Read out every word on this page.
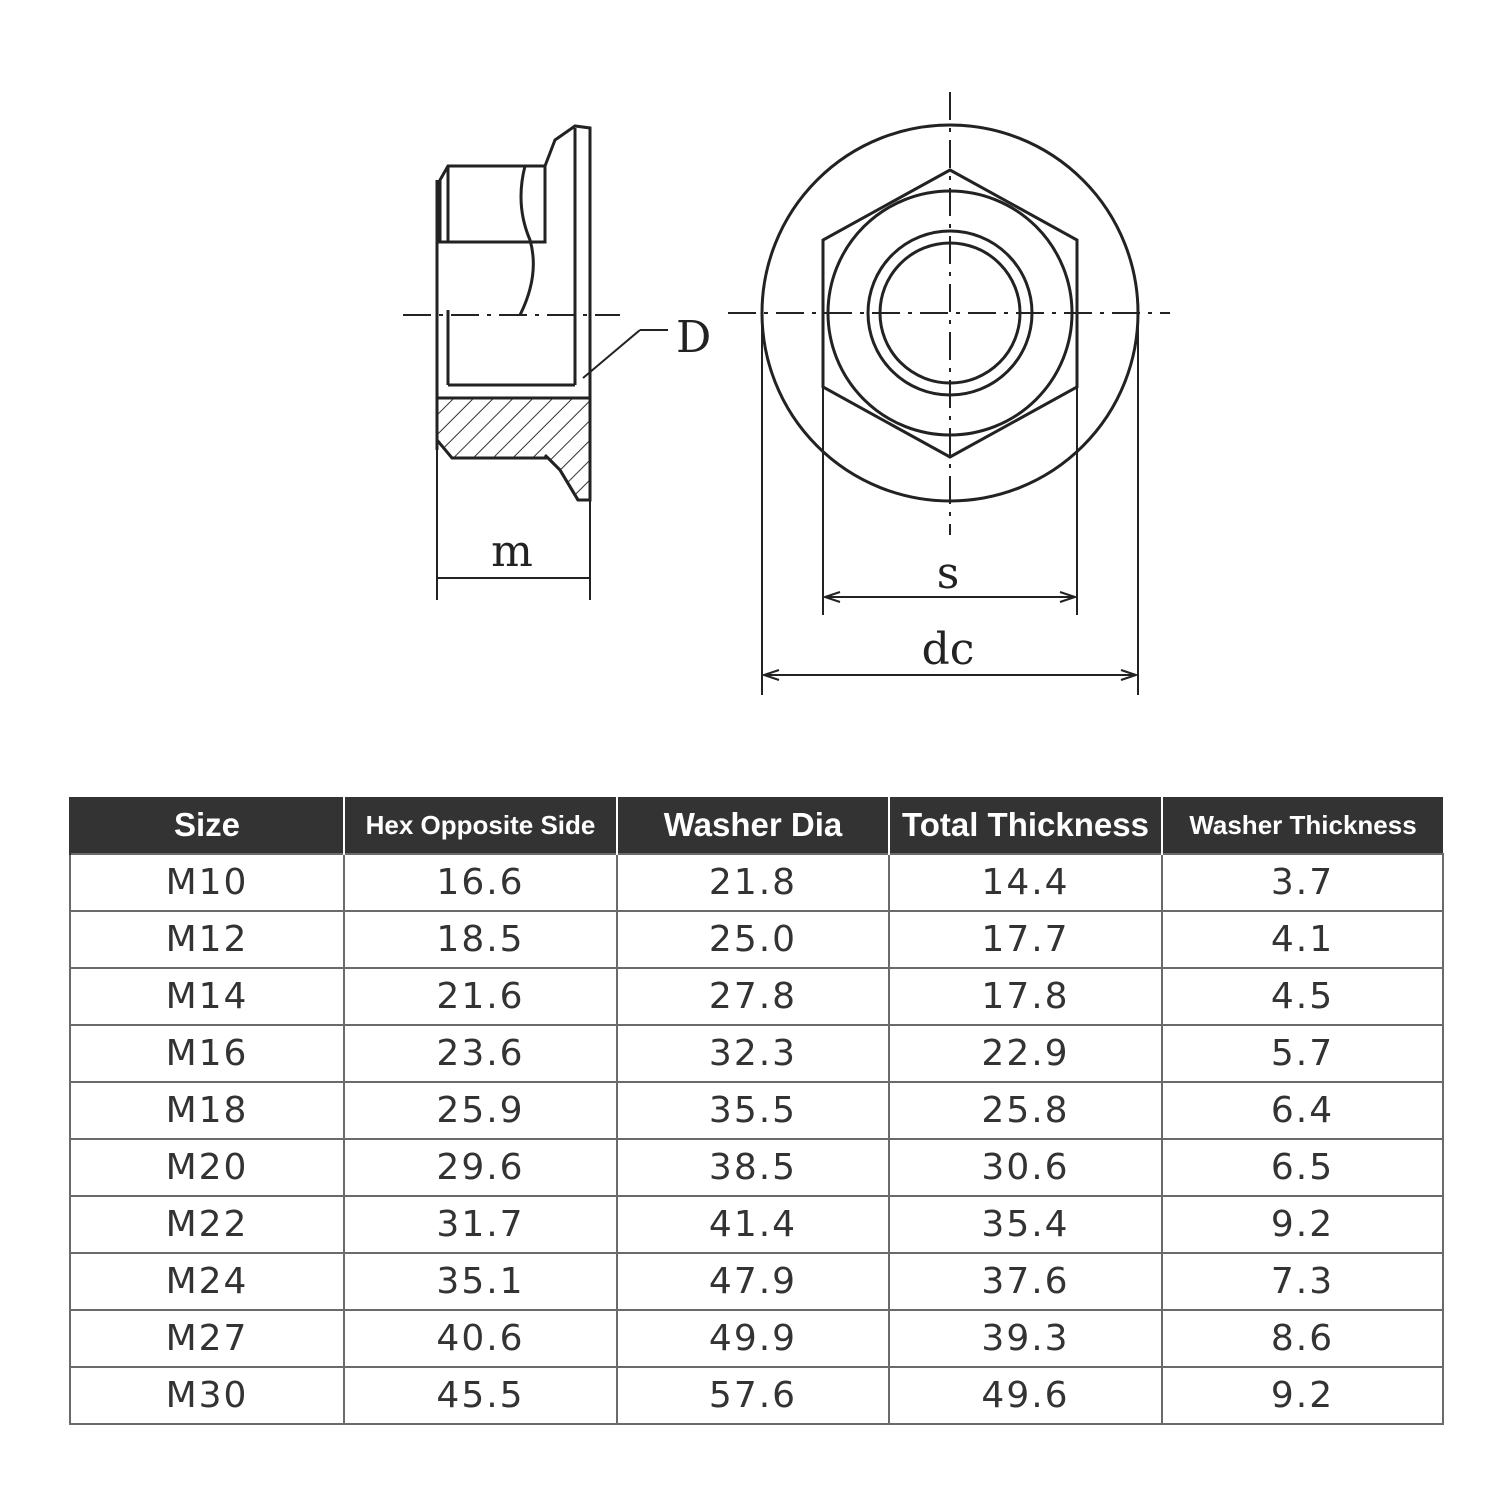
D
m	s
dc
Size	Hex Opposite Side	Washer Dia	Total Thickness	Washer Thickness
M10	16.6	21.8	14.4	3.7
M12	18.5	25.0	17.7	4.1
M14	21.6	27.8	17.8	4.5
M16	23.6	32.3	22.9	5.7
M18	25.9	35.5	25.8	6.4
M20	29.6	38.5	30.6	6.5
M22	31.7	41.4	35.4	9.2
M24	35.1	47.9	37.6	7.3
M27	40.6	49.9	39.3	8.6
M30	45.5	57.6	49.6	9.2
